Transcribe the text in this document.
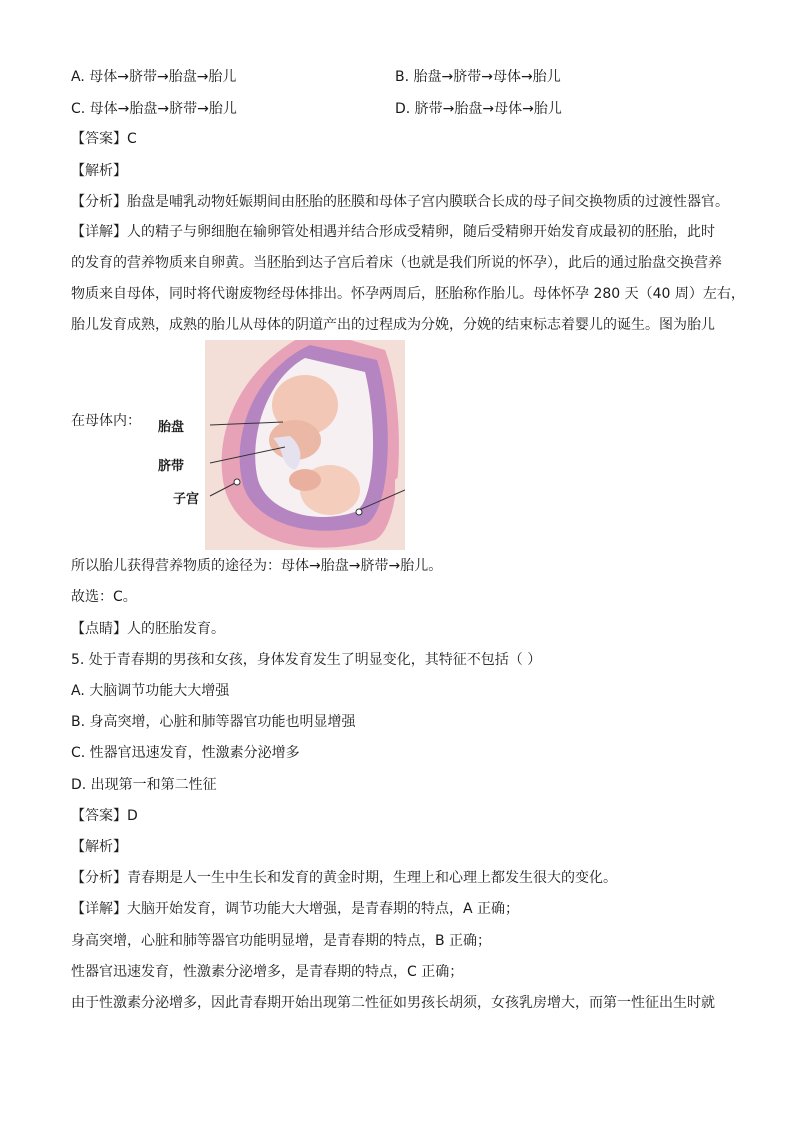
A. 母体→脐带→胎盘→胎儿	B. 胎盘→脐带→母体→胎儿
C. 母体→胎盘→脐带→胎儿	D. 脐带→胎盘→母体→胎儿
【答案】C
【解析】
【分析】胎盘是哺乳动物妊娠期间由胚胎的胚膜和母体子宫内膜联合长成的母子间交换物质的过渡性器官。
【详解】人的精子与卵细胞在输卵管处相遇并结合形成受精卵，随后受精卵开始发育成最初的胚胎，此时
的发育的营养物质来自卵黄。当胚胎到达子宫后着床（也就是我们所说的怀孕），此后的通过胎盘交换营养
物质来自母体，同时将代谢废物经母体排出。怀孕两周后，胚胎称作胎儿。母体怀孕 280 天（40 周）左右，
胎儿发育成熟，成熟的胎儿从母体的阴道产出的过程成为分娩，分娩的结束标志着婴儿的诞生。图为胎儿
在母体内： 胎盘
脐带
子宫
所以胎儿获得营养物质的途径为：母体→胎盘→脐带→胎儿。
故选：C。
【点睛】人的胚胎发育。
5. 处于青春期的男孩和女孩，身体发育发生了明显变化，其特征不包括（ ）
A. 大脑调节功能大大增强
B. 身高突增，心脏和肺等器官功能也明显增强
C. 性器官迅速发育，性激素分泌增多
D. 出现第一和第二性征
【答案】D
【解析】
【分析】青春期是人一生中生长和发育的黄金时期，生理上和心理上都发生很大的变化。
【详解】大脑开始发育，调节功能大大增强，是青春期的特点，A 正确；
身高突增，心脏和肺等器官功能明显增，是青春期的特点，B 正确；
性器官迅速发育，性激素分泌增多，是青春期的特点，C 正确；
由于性激素分泌增多，因此青春期开始出现第二性征如男孩长胡须，女孩乳房增大，而第一性征出生时就
